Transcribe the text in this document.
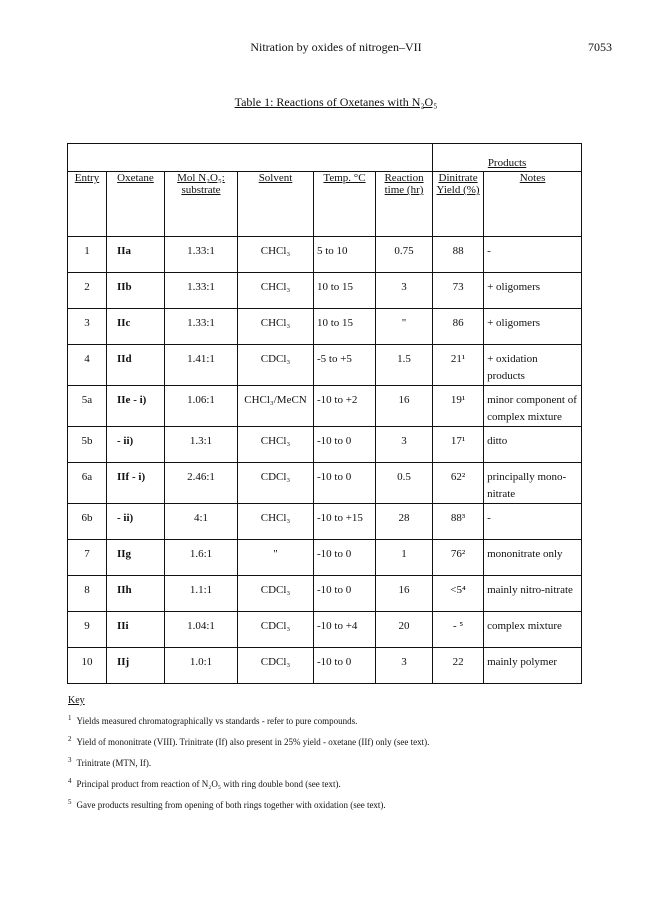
Nitration by oxides of nitrogen–VII	7053
Table 1: Reactions of Oxetanes with N₂O₅
						Products	
Entry	Oxetane	Mol N₂O₅: substrate	Solvent	Temp. °C	Reaction time (hr)	Dinitrate Yield (%)	Notes
1	IIa	1.33:1	CHCl₃	5 to 10	0.75	88	-
2	IIb	1.33:1	CHCl₃	10 to 15	3	73	+ oligomers
3	IIc	1.33:1	CHCl₃	10 to 15	"	86	+ oligomers
4	IId	1.41:1	CDCl₃	-5 to +5	1.5	21¹	+ oxidation products
5a	IIe - i)	1.06:1	CHCl₃/MeCN	-10 to +2	16	19¹	minor component of complex mixture
5b	- ii)	1.3:1	CHCl₃	-10 to 0	3	17¹	ditto
6a	IIf - i)	2.46:1	CDCl₃	-10 to 0	0.5	62²	principally mono-nitrate
6b	- ii)	4:1	CHCl₃	-10 to +15	28	88³	-
7	IIg	1.6:1	"	-10 to 0	1	76²	mononitrate only
8	IIh	1.1:1	CDCl₃	-10 to 0	16	<5⁴	mainly nitro-nitrate
9	IIi	1.04:1	CDCl₃	-10 to +4	20	- ⁵	complex mixture
10	IIj	1.0:1	CDCl₃	-10 to 0	3	22	mainly polymer
Key

$^1$ Yields measured chromatographically vs standards - refer to pure compounds.

$^2$ Yield of mononitrate (VIII). Trinitrate (If) also present in 25% yield - oxetane (IIf) only (see text).

$^3$ Trinitrate (MTN, If).

$^4$ Principal product from reaction of N₂O₅ with ring double bond (see text).

$^5$ Gave products resulting from opening of both rings together with oxidation (see text).
